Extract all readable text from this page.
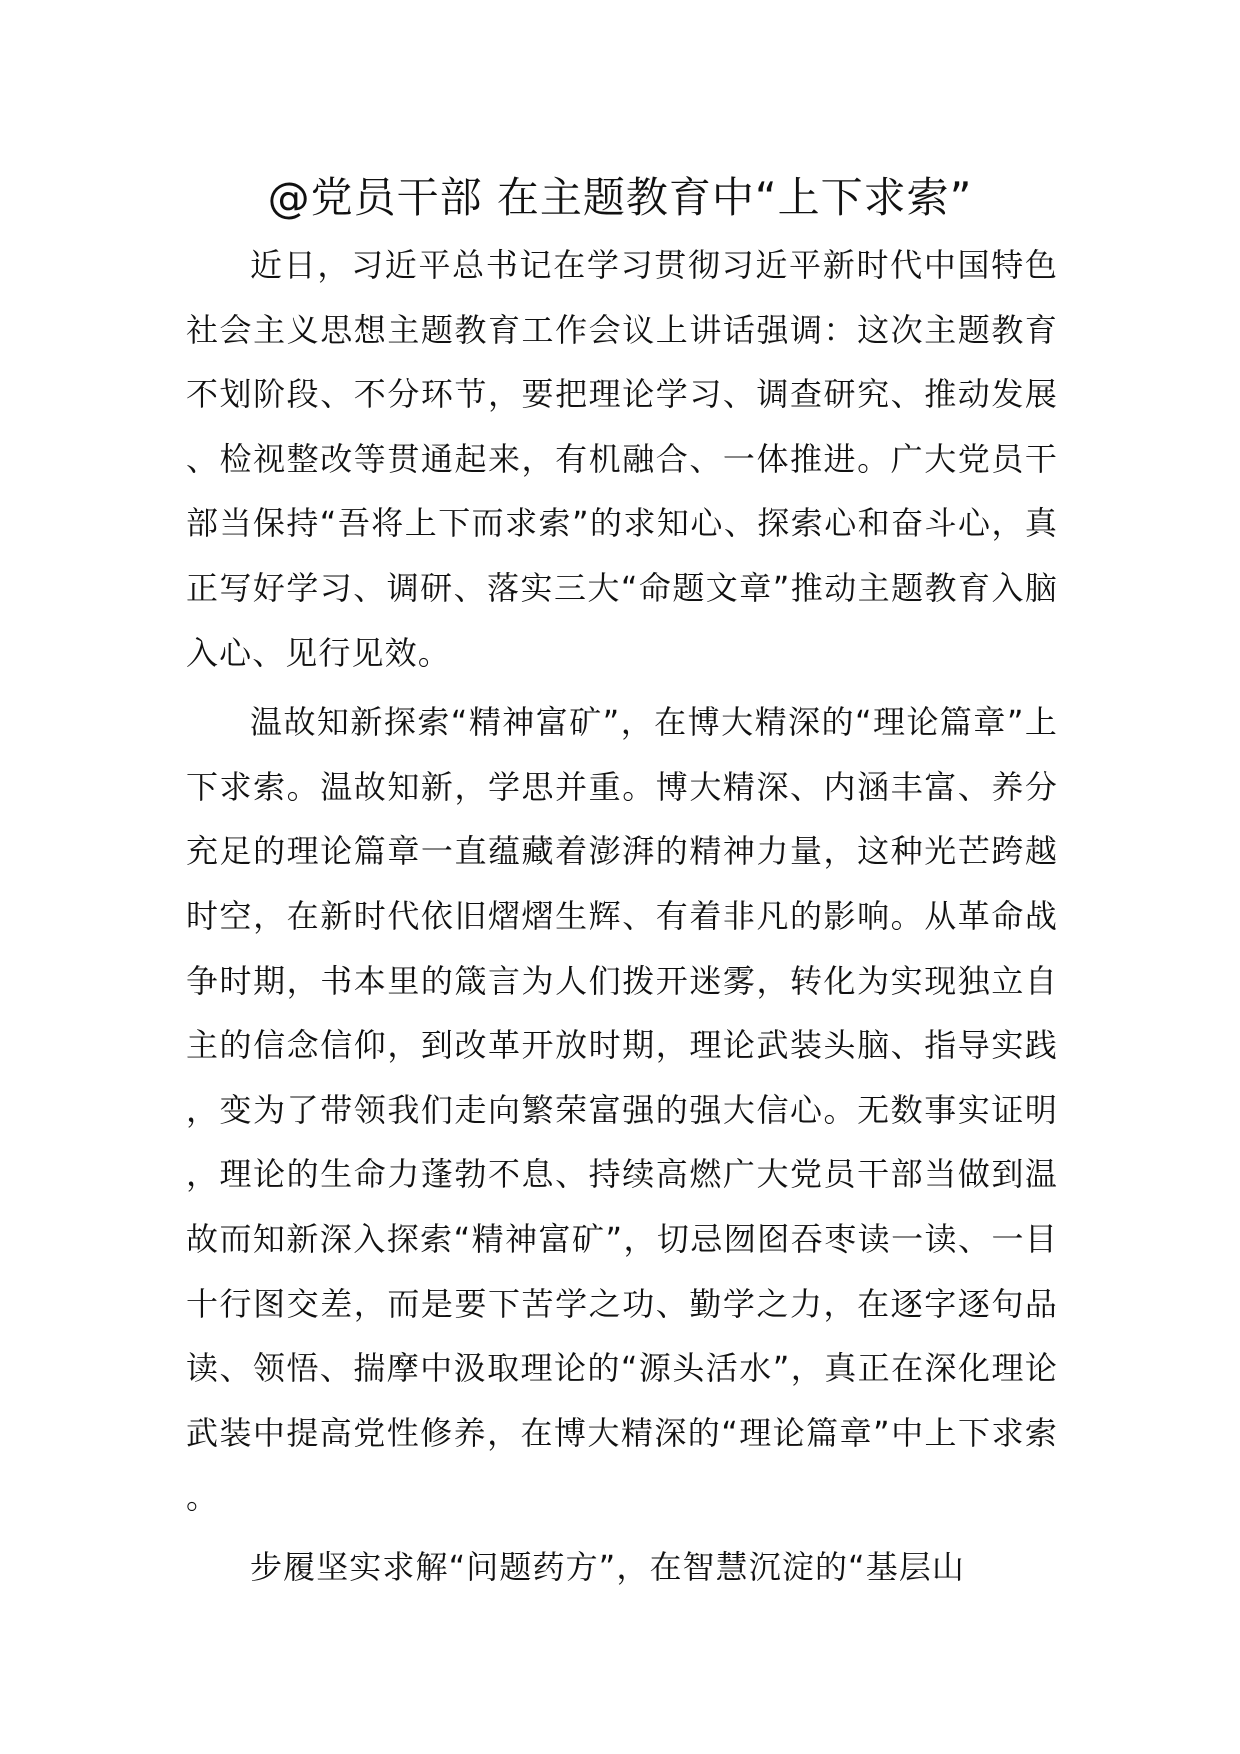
@党员干部 在主题教育中“上下求索”

近日，习近平总书记在学习贯彻习近平新时代中国特色社会主义思想主题教育工作会议上讲话强调：这次主题教育不划阶段、不分环节，要把理论学习、调查研究、推动发展、检视整改等贯通起来，有机融合、一体推进。广大党员干部当保持“吾将上下而求索”的求知心、探索心和奋斗心，真正写好学习、调研、落实三大“命题文章”推动主题教育入脑入心、见行见效。

温故知新探索“精神富矿”，在博大精深的“理论篇章”上下求索。温故知新，学思并重。博大精深、内涵丰富、养分充足的理论篇章一直蕴藏着澎湃的精神力量，这种光芒跨越时空，在新时代依旧熠熠生辉、有着非凡的影响。从革命战争时期，书本里的箴言为人们拨开迷雾，转化为实现独立自主的信念信仰，到改革开放时期，理论武装头脑、指导实践，变为了带领我们走向繁荣富强的强大信心。无数事实证明，理论的生命力蓬勃不息、持续高燃广大党员干部当做到温故而知新深入探索“精神富矿”，切忌囫囵吞枣读一读、一目十行图交差，而是要下苦学之功、勤学之力，在逐字逐句品读、领悟、揣摩中汲取理论的“源头活水”，真正在深化理论武装中提高党性修养，在博大精深的“理论篇章”中上下求索。

步履坚实求解“问题药方”，在智慧沉淀的“基层山
